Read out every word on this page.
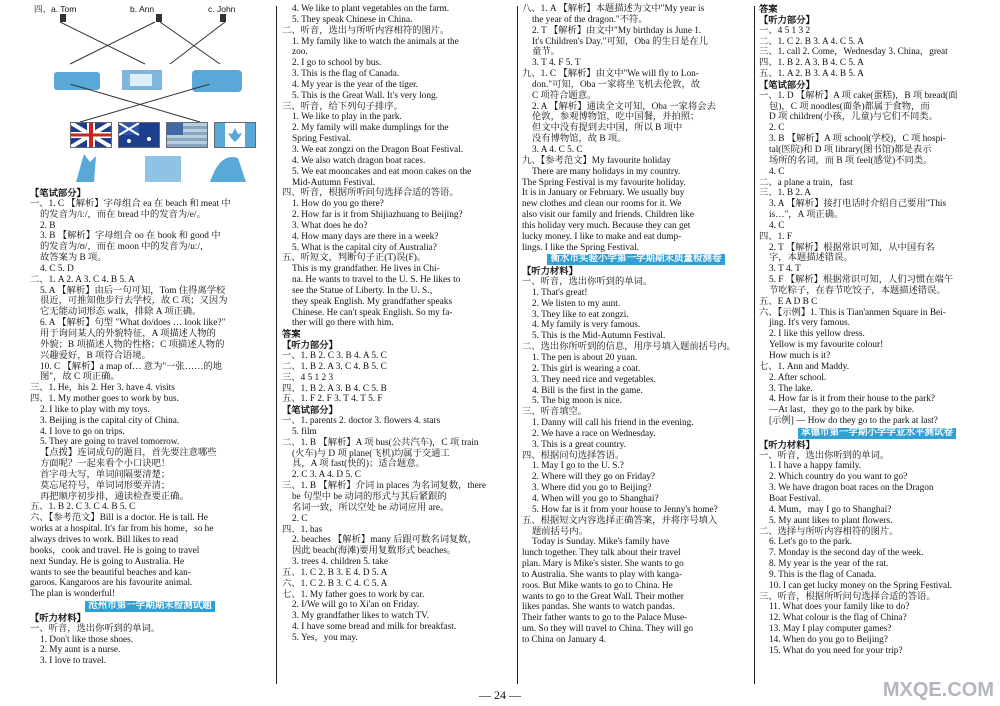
四、a. Tom	b. Ann	c. John
【笔试部分】
一、1. C 【解析】字母组合 ea 在 beach 和 meat 中
的发音为/iː/，而在 bread 中的发音为/e/。
2. B
3. B 【解析】字母组合 oo 在 book 和 good 中
的发音为/ʊ/，而在 moon 中的发音为/uː/，
故答案为 B 项。
4. C 5. D
二、1. A 2. A 3. C 4. B 5. A
5. A 【解析】由后一句可知，Tom 住得离学校
很近，可推知他步行去学校，故 C 项；又因为
它无能动词形态 walk，排除 A 项正确。
6. A 【解析】句型 "What do/does … look like?"
用于询问某人的外貌特征，A 项描述人物的
外貌；B 项描述人物的性格；C 项描述人物的
兴趣爱好，B 项符合语境。
10. C 【解析】a map of… 意为"一张……的地
图"，故 C 项正确。
三、1. He，his 2. Her 3. have 4. visits
四、1. My mother goes to work by bus.
2. I like to play with my toys.
3. Beijing is the capital city of China.
4. I love to go on trips.
5. They are going to travel tomorrow.
【点拨】连词成句的题目，首先要注意哪些
方面呢？一起来看个小口诀吧！
首字母大写，单词间隔要清楚；
莫忘尾符号，单词词形要弄清；
再把顺序初步排，通读检查要正确。
五、1. B 2. C 3. C 4. B 5. C
六、【参考范文】Bill is a doctor. He is tall. He
works at a hospital. It's far from his home，so he
always drives to work. Bill likes to read
books，cook and travel. He is going to travel
next Sunday. He is going to Australia. He
wants to see the beautiful beaches and kan-
garoos. Kangaroos are his favourite animal.
The plan is wonderful!
沧州市第一学期期末检测试题
【听力材料】
一、听音，选出你听到的单词。
1. Don't like those shoes.
2. My aunt is a nurse.
3. I love to travel.
4. We like to plant vegetables on the farm.
5. They speak Chinese in China.
二、听音，选出与所听内容相符的图片。
1. My family like to watch the animals at the
zoo.
2. I go to school by bus.
3. This is the flag of Canada.
4. My year is the year of the tiger.
5. This is the Great Wall. It's very long.
三、听音，给下列句子排序。
1. We like to play in the park.
2. My family will make dumplings for the
Spring Festival.
3. We eat zongzi on the Dragon Boat Festival.
4. We also watch dragon boat races.
5. We eat mooncakes and eat moon cakes on the
Mid-Autumn Festival.
四、听音，根据所听问句选择合适的答语。
1. How do you go there?
2. How far is it from Shijiazhuang to Beijing?
3. What does he do?
4. How many days are there in a week?
5. What is the capital city of Australia?
五、听短文，判断句子正(T)误(F)。
This is my grandfather. He lives in Chi-
na. He wants to travel to the U. S. He likes to
see the Statue of Liberty. In the U. S.，
they speak English. My grandfather speaks
Chinese. He can't speak English. So my fa-
ther will go there with him.
答案
【听力部分】
一、1. B 2. C 3. B 4. A 5. C
二、1. B 2. A 3. C 4. B 5. C
三、4 5 1 2 3
四、1. B 2. A 3. B 4. C 5. B
五、1. F 2. F 3. T 4. T 5. F
【笔试部分】
一、1. parents 2. doctor 3. flowers 4. stars
5. film
二、1. B 【解析】A 项 bus(公共汽车)，C 项 train
(火车)与 D 项 plane(飞机)均属于交通工
具，A 项 fast(快的)；适合题意。
2. C 3. A 4. D 5. C
三、1. B 【解析】介词 in places 为名词复数，there
be 句型中 be 动词的形式与其后紧跟的
名词一致，所以空处 be 动词应用 are。
2. C
四、1. has
2. beaches 【解析】many 后跟可数名词复数，
因此 beach(海滩)要用复数形式 beaches。
3. trees 4. children 5. take
五、1. C 2. B 3. E 4. D 5. A
六、1. C 2. B 3. C 4. C 5. A
七、1. My father goes to work by car.
2. I/We will go to Xi'an on Friday.
3. My grandfather likes to watch TV.
4. I have some bread and milk for breakfast.
5. Yes，you may.
八、1. A 【解析】本题描述为文中"My year is
the year of the dragon."不符。
2. T 【解析】由文中"My birthday is June 1.
It's Children's Day."可知，Oba 的生日是在儿
童节。
3. T 4. F 5. T
九、1. C 【解析】由文中"We will fly to Lon-
don."可知，Oba 一家将坐飞机去伦敦，故
C 项符合题意。
2. A 【解析】通读全文可知，Oba 一家将会去
伦敦，参观博物馆，吃中国餐，并拍照；
但文中没有提到去中国，所以 B 项中
没有博物馆，故 B 项。
3. A 4. C 5. C
九、【参考范文】My favourite holiday
There are many holidays in my country.
The Spring Festival is my favourite holiday.
It is in January or February. We usually buy
new clothes and clean our rooms for it. We
also visit our family and friends. Children like
this holiday very much. Because they can get
lucky money. I like to make and eat dump-
lings. I like the Spring Festival.
衡水市实验小学第一学期期末质量检测卷
【听力材料】
一、听音，选出你听到的单词。
1. That's great!
2. We listen to my aunt.
3. They like to eat zongzi.
4. My family is very famous.
5. This is the Mid-Autumn Festival.
二、选出你所听到的信息，用序号填入题前括号内。
1. The pen is about 20 yuan.
2. This girl is wearing a coat.
3. They need rice and vegetables.
4. Bill is the first in the game.
5. The big moon is nice.
三、听音填空。
1. Danny will call his friend in the evening.
2. We have a race on Wednesday.
3. This is a great country.
四、根据问句选择答语。
1. May I go to the U. S.?
2. Where will they go on Friday?
3. Where did you go to Beijing?
4. When will you go to Shanghai?
5. How far is it from your house to Jenny's home?
五、根据短文内容选择正确答案，并将序号填入
题前括号内。
Today is Sunday. Mike's family have
lunch together. They talk about their travel
plan. Mary is Mike's sister. She wants to go
to Australia. She wants to play with kanga-
roos. But Mike wants to go to China. He
wants to go to the Great Wall. Their mother
likes pandas. She wants to watch pandas.
Their father wants to go to the Palace Muse-
um. So they will travel to China. They will go
to China on January 4.
答案
【听力部分】
一、4 5 1 3 2
二、1. C 2. B 3. A 4. C 5. A
三、1. call 2. Come，Wednesday 3. China，great
四、1. B 2. A 3. B 4. C 5. A
五、1. A 2. B 3. A 4. B 5. A
【笔试部分】
一、1. D 【解析】A 项 cake(蛋糕)，B 项 bread(面
包)，C 项 noodles(面条)都属于食物，而
D 项 children(小孩，儿童)与它们不同类。
2. C
3. B 【解析】A 项 school(学校)，C 项 hospi-
tal(医院)和 D 项 library(图书馆)都是表示
场所的名词，而 B 项 feel(感觉)不同类。
4. C
二、a plane a train，fast
三、1. B 2. A
3. A 【解析】接打电话时介绍自己要用"This
is…"，A 项正确。
4. C
四、1. F
2. T 【解析】根据常识可知，从中国有名
字，本题描述错误。
3. T 4. T
5. F 【解析】根据常识可知，人们习惯在端午
节吃粽子，在春节吃饺子，本题描述错误。
五、E A D B C
六、【示例】1. This is Tian'anmen Square in Bei-
jing. It's very famous.
2. I like this yellow dress.
Yellow is my favourite colour!
How much is it?
七、1. Ann and Maddy.
2. After school.
3. The lake.
4. How far is it from their house to the park?
—At last，they go to the park by bike.
[示例] — How do they go to the park at last?
承德市第一学期小学学业水平测试卷
【听力材料】
一、听音，选出你听到的单词。
1. I have a happy family.
2. Which country do you want to go?
3. We have dragon boat races on the Dragon
Boat Festival.
4. Mum，may I go to Shanghai?
5. My aunt likes to plant flowers.
二、选择与所听内容相符的图片。
6. Let's go to the park.
7. Monday is the second day of the week.
8. My year is the year of the rat.
9. This is the flag of Canada.
10. I can get lucky money on the Spring Festival.
三、听音，根据所听问句选择合适的答语。
11. What does your family like to do?
12. What colour is the flag of China?
13. May I play computer games?
14. When do you go to Beijing?
15. What do you need for your trip?
— 24 —	MXQE.COM
